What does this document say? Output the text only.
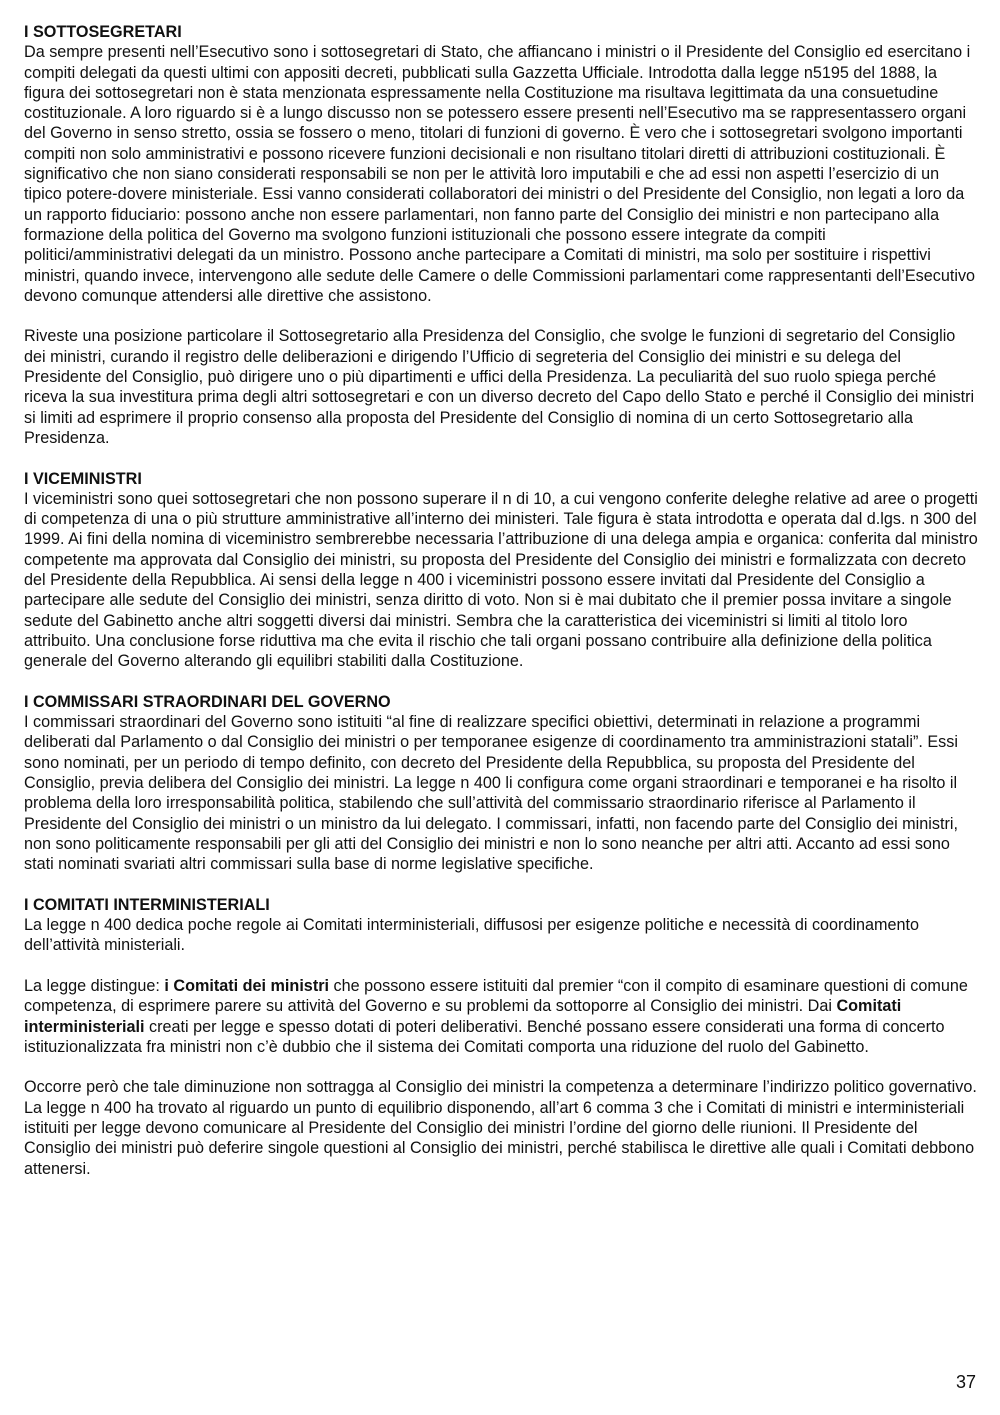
I SOTTOSEGRETARI

Da sempre presenti nell’Esecutivo sono i sottosegretari di Stato, che affiancano i ministri o il Presidente del Consiglio ed esercitano i compiti delegati da questi ultimi con appositi decreti, pubblicati sulla Gazzetta Ufficiale. Introdotta dalla legge n5195 del 1888, la figura dei sottosegretari non è stata menzionata espressamente nella Costituzione ma risultava legittimata da una consuetudine costituzionale. A loro riguardo si è a lungo discusso non se potessero essere presenti nell’Esecutivo ma se rappresentassero organi del Governo in senso stretto, ossia se fossero o meno, titolari di funzioni di governo. È vero che i sottosegretari svolgono importanti compiti non solo amministrativi e possono ricevere funzioni decisionali e non risultano titolari diretti di attribuzioni costituzionali. È significativo che non siano considerati responsabili se non per le attività loro imputabili e che ad essi non aspetti l’esercizio di un tipico potere-dovere ministeriale. Essi vanno considerati collaboratori dei ministri o del Presidente del Consiglio, non legati a loro da un rapporto fiduciario: possono anche non essere parlamentari, non fanno parte del Consiglio dei ministri e non partecipano alla formazione della politica del Governo ma svolgono funzioni istituzionali che possono essere integrate da compiti politici/amministrativi delegati da un ministro. Possono anche partecipare a Comitati di ministri, ma solo per sostituire i rispettivi ministri, quando invece, intervengono alle sedute delle Camere o delle Commissioni parlamentari come rappresentanti dell’Esecutivo devono comunque attendersi alle direttive che assistono.

Riveste una posizione particolare il Sottosegretario alla Presidenza del Consiglio, che svolge le funzioni di segretario del Consiglio dei ministri, curando il registro delle deliberazioni e dirigendo l’Ufficio di segreteria del Consiglio dei ministri e su delega del Presidente del Consiglio, può dirigere uno o più dipartimenti e uffici della Presidenza. La peculiarità del suo ruolo spiega perché riceva la sua investitura prima degli altri sottosegretari e con un diverso decreto del Capo dello Stato e perché il Consiglio dei ministri si limiti ad esprimere il proprio consenso alla proposta del Presidente del Consiglio di nomina di un certo Sottosegretario alla Presidenza.

I VICEMINISTRI

I viceministri sono quei sottosegretari che non possono superare il n di 10, a cui vengono conferite deleghe relative ad aree o progetti di competenza di una o più strutture amministrative all’interno dei ministeri. Tale figura è stata introdotta e operata dal d.lgs. n 300 del 1999. Ai fini della nomina di viceministro sembrerebbe necessaria l’attribuzione di una delega ampia e organica: conferita dal ministro competente ma approvata dal Consiglio dei ministri, su proposta del Presidente del Consiglio dei ministri e formalizzata con decreto del Presidente della Repubblica. Ai sensi della legge n 400 i viceministri possono essere invitati dal Presidente del Consiglio a partecipare alle sedute del Consiglio dei ministri, senza diritto di voto. Non si è mai dubitato che il premier possa invitare a singole sedute del Gabinetto anche altri soggetti diversi dai ministri. Sembra che la caratteristica dei viceministri si limiti al titolo loro attribuito. Una conclusione forse riduttiva ma che evita il rischio che tali organi possano contribuire alla definizione della politica generale del Governo alterando gli equilibri stabiliti dalla Costituzione.

I COMMISSARI STRAORDINARI DEL GOVERNO

I commissari straordinari del Governo sono istituiti “al fine di realizzare specifici obiettivi, determinati in relazione a programmi deliberati dal Parlamento o dal Consiglio dei ministri o per temporanee esigenze di coordinamento tra amministrazioni statali”. Essi sono nominati, per un periodo di tempo definito, con decreto del Presidente della Repubblica, su proposta del Presidente del Consiglio, previa delibera del Consiglio dei ministri. La legge n 400 li configura come organi straordinari e temporanei e ha risolto il problema della loro irresponsabilità politica, stabilendo che sull’attività del commissario straordinario riferisce al Parlamento il Presidente del Consiglio dei ministri o un ministro da lui delegato. I commissari, infatti, non facendo parte del Consiglio dei ministri, non sono politicamente responsabili per gli atti del Consiglio dei ministri e non lo sono neanche per altri atti. Accanto ad essi sono stati nominati svariati altri commissari sulla base di norme legislative specifiche.

I COMITATI INTERMINISTERIALI

La legge n 400 dedica poche regole ai Comitati interministeriali, diffusosi per esigenze politiche e necessità di coordinamento dell’attività ministeriali.

La legge distingue: i Comitati dei ministri che possono essere istituiti dal premier “con il compito di esaminare questioni di comune competenza, di esprimere parere su attività del Governo e su problemi da sottoporre al Consiglio dei ministri. Dai Comitati interministeriali creati per legge e spesso dotati di poteri deliberativi. Benché possano essere considerati una forma di concerto istituzionalizzata fra ministri non c’è dubbio che il sistema dei Comitati comporta una riduzione del ruolo del Gabinetto.

Occorre però che tale diminuzione non sottragga al Consiglio dei ministri la competenza a determinare l’indirizzo politico governativo. La legge n 400 ha trovato al riguardo un punto di equilibrio disponendo, all’art 6 comma 3 che i Comitati di ministri e interministeriali istituiti per legge devono comunicare al Presidente del Consiglio dei ministri l’ordine del giorno delle riunioni. Il Presidente del Consiglio dei ministri può deferire singole questioni al Consiglio dei ministri, perché stabilisca le direttive alle quali i Comitati debbono attenersi.

37
